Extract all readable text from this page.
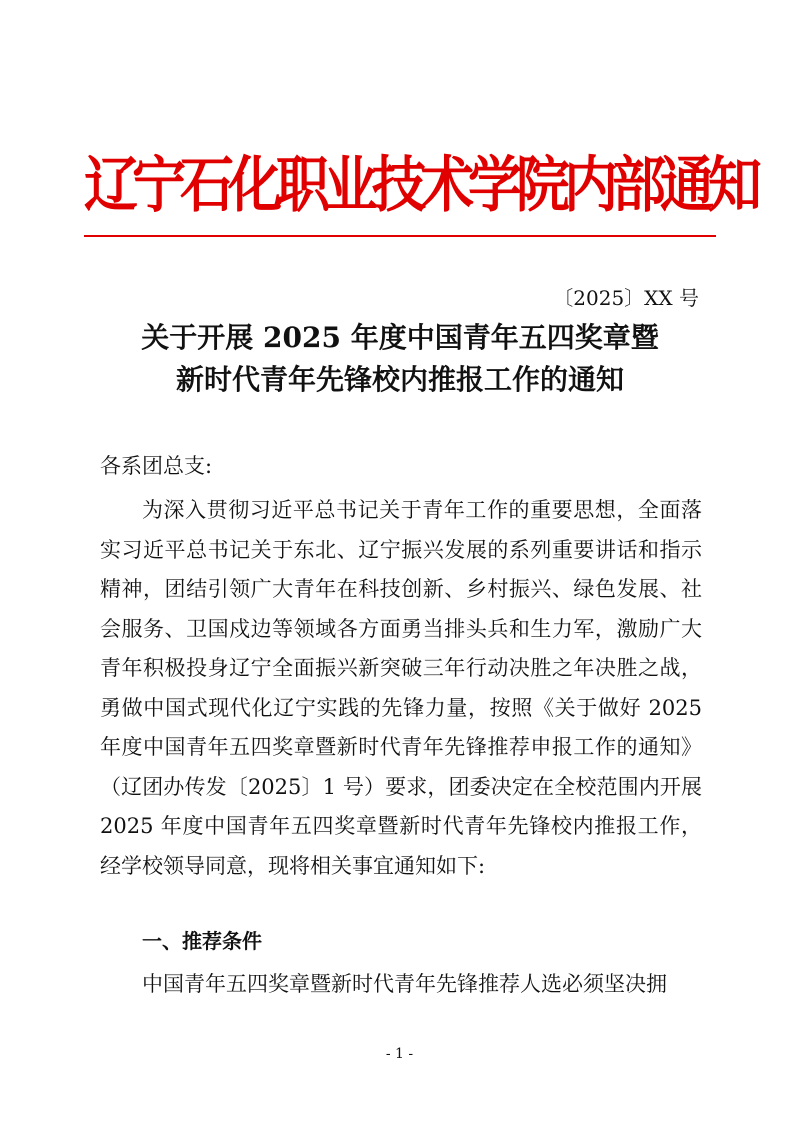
辽宁石化职业技术学院内部通知
〔2025〕XX 号
关于开展 2025 年度中国青年五四奖章暨
新时代青年先锋校内推报工作的通知
各系团总支:

为深入贯彻习近平总书记关于青年工作的重要思想，全面落实习近平总书记关于东北、辽宁振兴发展的系列重要讲话和指示精神，团结引领广大青年在科技创新、乡村振兴、绿色发展、社会服务、卫国戍边等领域各方面勇当排头兵和生力军，激励广大青年积极投身辽宁全面振兴新突破三年行动决胜之年决胜之战，勇做中国式现代化辽宁实践的先锋力量，按照《关于做好 2025 年度中国青年五四奖章暨新时代青年先锋推荐申报工作的通知》（辽团办传发〔2025〕1 号）要求，团委决定在全校范围内开展 2025 年度中国青年五四奖章暨新时代青年先锋校内推报工作，经学校领导同意，现将相关事宜通知如下:

一、推荐条件

中国青年五四奖章暨新时代青年先锋推荐人选必须坚决拥

- 1 -
